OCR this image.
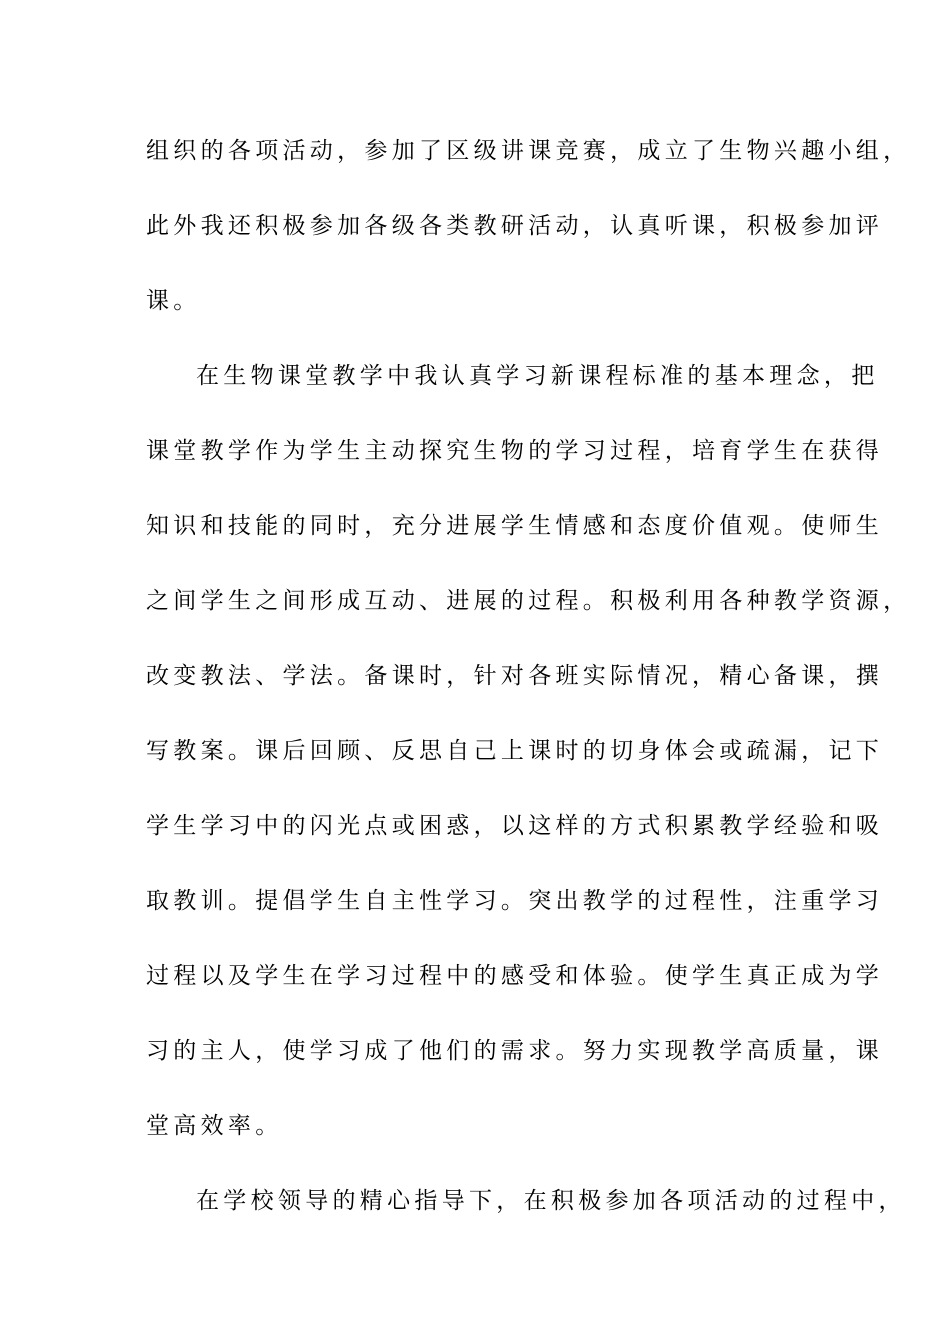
组织的各项活动，参加了区级讲课竞赛，成立了生物兴趣小组，
此外我还积极参加各级各类教研活动，认真听课，积极参加评
课。
在生物课堂教学中我认真学习新课程标准的基本理念，把
课堂教学作为学生主动探究生物的学习过程，培育学生在获得
知识和技能的同时，充分进展学生情感和态度价值观。使师生
之间学生之间形成互动、进展的过程。积极利用各种教学资源，
改变教法、学法。备课时，针对各班实际情况，精心备课，撰
写教案。课后回顾、反思自己上课时的切身体会或疏漏，记下
学生学习中的闪光点或困惑，以这样的方式积累教学经验和吸
取教训。提倡学生自主性学习。突出教学的过程性，注重学习
过程以及学生在学习过程中的感受和体验。使学生真正成为学
习的主人，使学习成了他们的需求。努力实现教学高质量，课
堂高效率。
在学校领导的精心指导下，在积极参加各项活动的过程中，
